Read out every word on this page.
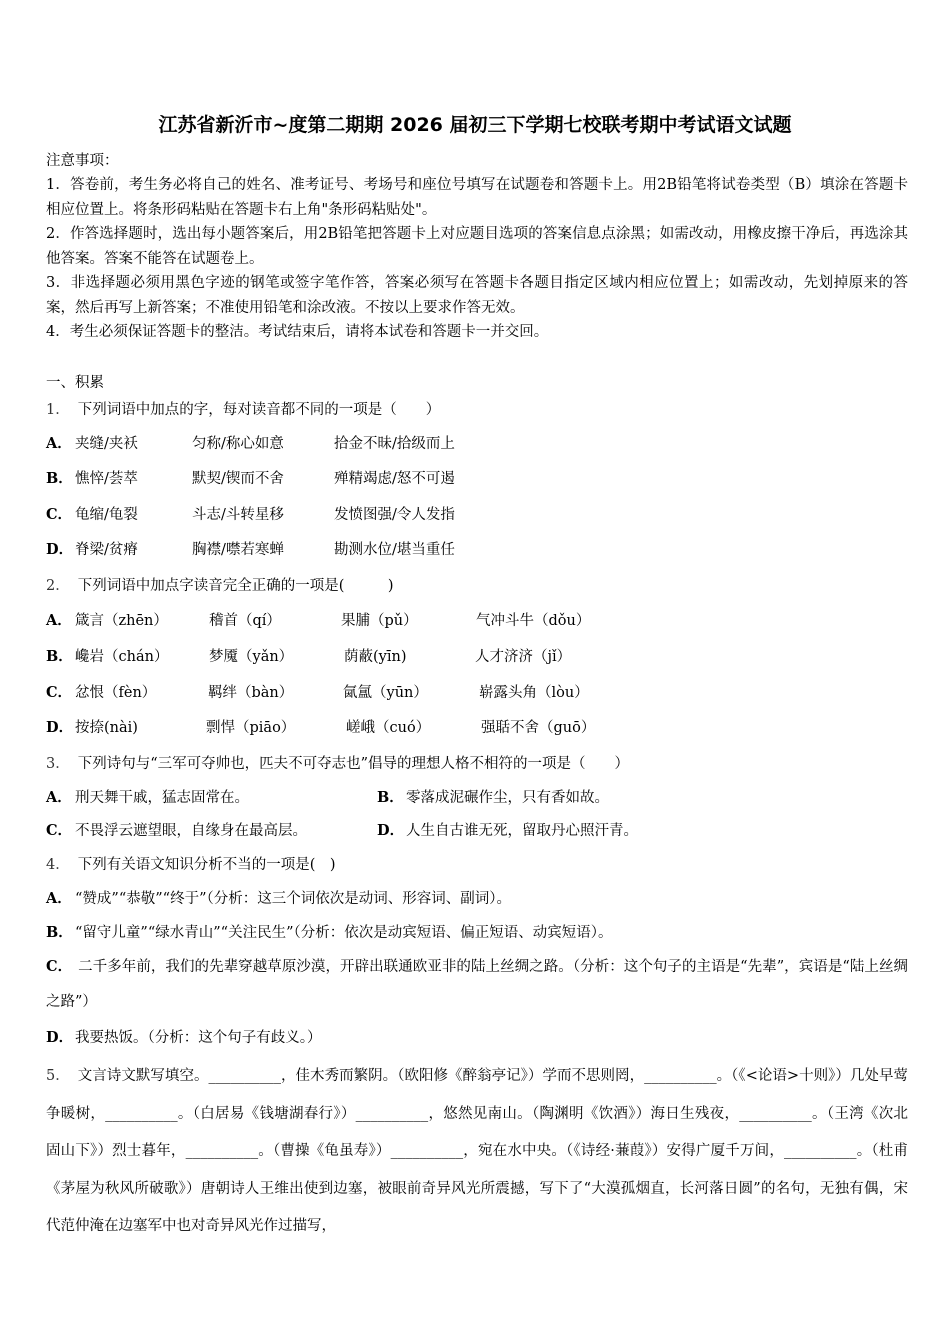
江苏省新沂市~度第二期期 2026 届初三下学期七校联考期中考试语文试题
注意事项：

1．答卷前，考生务必将自己的姓名、准考证号、考场号和座位号填写在试题卷和答题卡上。用2B铅笔将试卷类型（B）填涂在答题卡相应位置上。将条形码粘贴在答题卡右上角"条形码粘贴处"。

2．作答选择题时，选出每小题答案后，用2B铅笔把答题卡上对应题目选项的答案信息点涂黑；如需改动，用橡皮擦干净后，再选涂其他答案。答案不能答在试题卷上。

3．非选择题必须用黑色字迹的钢笔或签字笔作答，答案必须写在答题卡各题目指定区域内相应位置上；如需改动，先划掉原来的答案，然后再写上新答案；不准使用铅笔和涂改液。不按以上要求作答无效。

4．考生必须保证答题卡的整洁。考试结束后，请将本试卷和答题卡一并交回。

一、积累
1． 下列词语中加点的字，每对读音都不同的一项是（　　）
A． 夹缝/夹袄	匀称/称心如意	拾金不昧/拾级而上
B． 憔悴/荟萃	默契/锲而不舍	殚精竭虑/怒不可遏
C． 龟缩/龟裂	斗志/斗转星移	发愤图强/令人发指
D． 脊梁/贫瘠	胸襟/噤若寒蝉	勘测水位/堪当重任
2． 下列词语中加点字读音完全正确的一项是(　　　)
A． 箴言（zhēn）	稽首（qí）	果脯（pǔ）	气冲斗牛（dǒu）
B． 巉岩（chán）	梦魇（yǎn）	荫蔽(yīn)	人才济济（jǐ）
C． 忿恨（fèn）	羁绊（bàn）	氤氲（yūn）	崭露头角（lòu）
D． 按捺(nài)	剽悍（piāo）	嵯峨（cuó）	强聒不舍（guō）
3． 下列诗句与“三军可夺帅也，匹夫不可夺志也”倡导的理想人格不相符的一项是（　　）
A． 刑天舞干戚，猛志固常在。	B． 零落成泥碾作尘，只有香如故。
C． 不畏浮云遮望眼，自缘身在最高层。	D． 人生自古谁无死，留取丹心照汗青。
4． 下列有关语文知识分析不当的一项是(　)
A． “赞成”“恭敬”“终于”（分析：这三个词依次是动词、形容词、副词）。
B． “留守儿童”“绿水青山”“关注民生”（分析：依次是动宾短语、偏正短语、动宾短语）。

C． 二千多年前，我们的先辈穿越草原沙漠，开辟出联通欧亚非的陆上丝绸之路。（分析：这个句子的主语是“先辈”，宾语是“陆上丝绸之路”）

D． 我要热饭。（分析：这个句子有歧义。）
5． 文言诗文默写填空。__________，佳木秀而繁阴。（欧阳修《醉翁亭记》）学而不思则罔，__________。（《<论语>十则》）几处早莺争暖树，__________。（白居易《钱塘湖春行》）__________，悠然见南山。（陶渊明《饮酒》）海日生残夜，__________。（王湾《次北固山下》）烈士暮年，__________。（曹操《龟虽寿》）__________，宛在水中央。（《诗经·蒹葭》）安得广厦千万间，__________。（杜甫《茅屋为秋风所破歌》）唐朝诗人王维出使到边塞，被眼前奇异风光所震撼，写下了“大漠孤烟直，长河落日圆”的名句，无独有偶，宋代范仲淹在边塞军中也对奇异风光作过描写，
